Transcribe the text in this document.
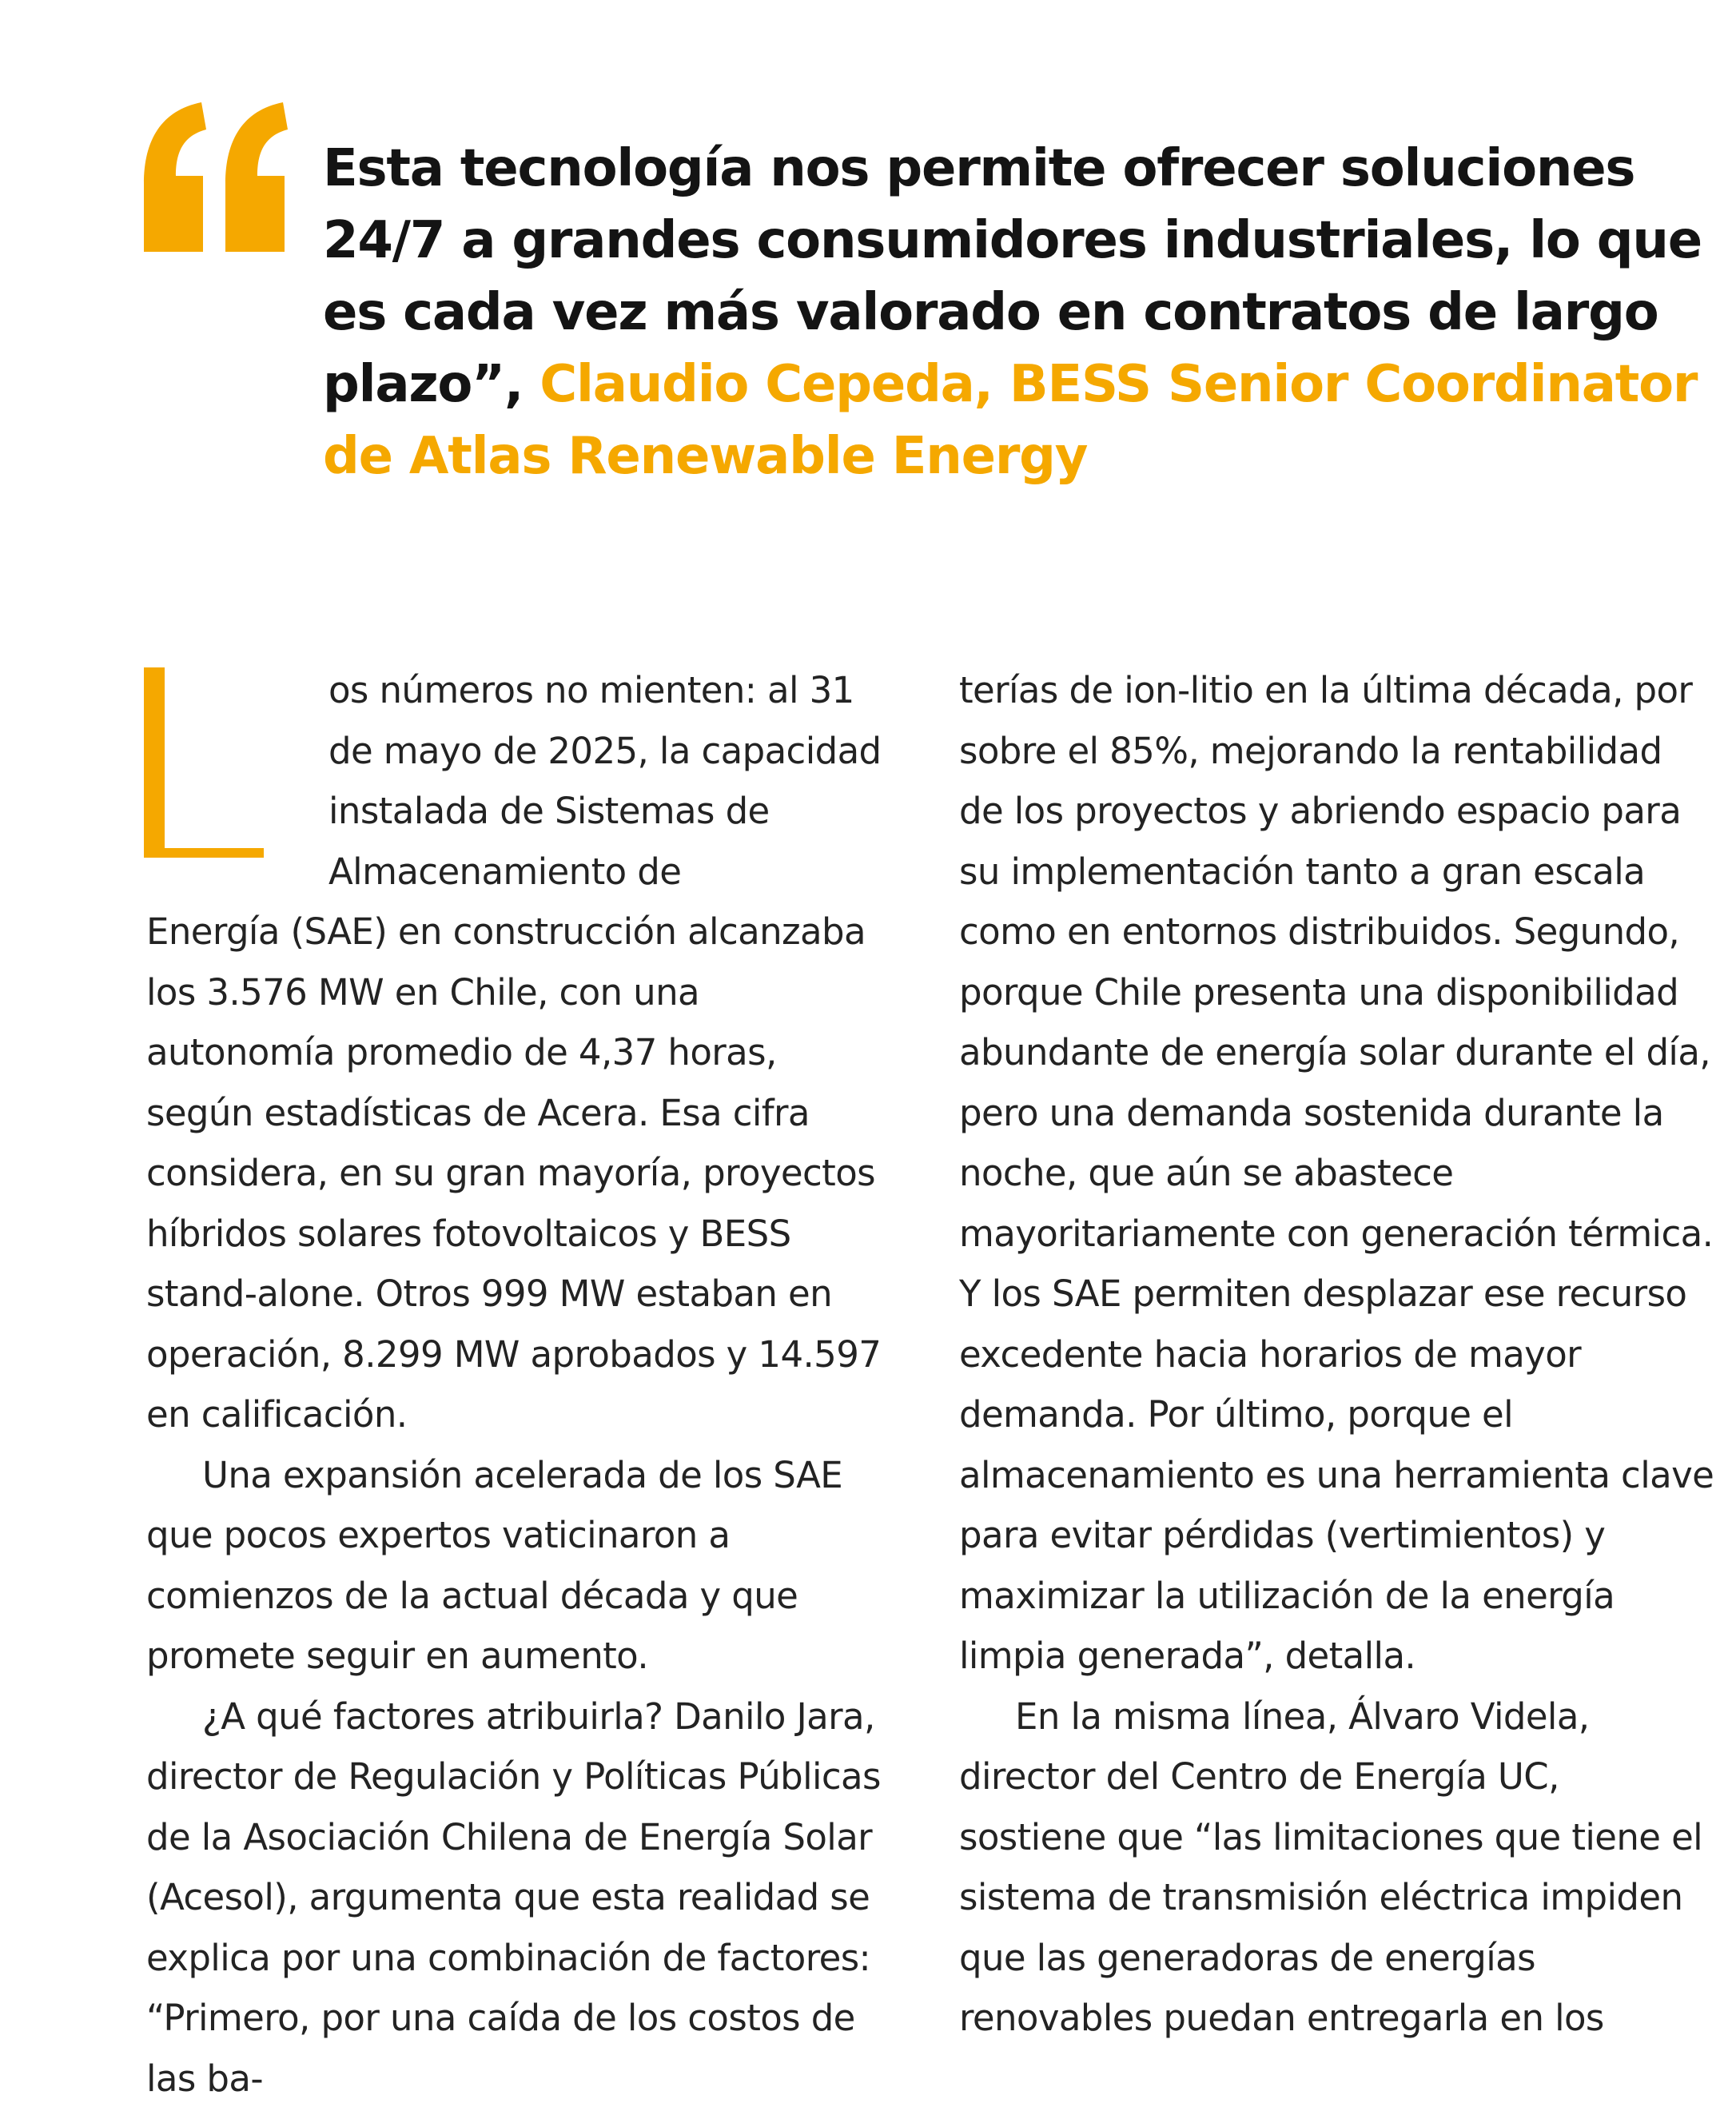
Esta tecnología nos permite ofrecer soluciones 24/7 a grandes consumidores industriales, lo que es cada vez más valorado en contratos de largo plazo”, Claudio Cepeda, BESS Senior Coordinator de Atlas Renewable Energy

os números no mienten: al 31 de mayo de 2025, la capacidad instalada de Sistemas de Almacenamiento de

Energía (SAE) en construcción alcanzaba los 3.576 MW en Chile, con una autonomía promedio de 4,37 horas, según estadísticas de Acera. Esa cifra considera, en su gran mayoría, proyectos híbridos solares fotovoltaicos y BESS stand-alone. Otros 999 MW estaban en operación, 8.299 MW aprobados y 14.597 en calificación.

Una expansión acelerada de los SAE que pocos expertos vaticinaron a comienzos de la actual década y que promete seguir en aumento.

¿A qué factores atribuirla? Danilo Jara, director de Regulación y Políticas Públicas de la Asociación Chilena de Energía Solar (Acesol), argumenta que esta realidad se explica por una combinación de factores: “Primero, por una caída de los costos de las ba-

terías de ion-litio en la última década, por sobre el 85%, mejorando la rentabilidad de los proyectos y abriendo espacio para su implementación tanto a gran escala como en entornos distribuidos. Segundo, porque Chile presenta una disponibilidad abundante de energía solar durante el día, pero una demanda sostenida durante la noche, que aún se abastece mayoritariamente con generación térmica. Y los SAE permiten desplazar ese recurso excedente hacia horarios de mayor demanda. Por último, porque el almacenamiento es una herramienta clave para evitar pérdidas (vertimientos) y maximizar la utilización de la energía limpia generada”, detalla.

En la misma línea, Álvaro Videla, director del Centro de Energía UC, sostiene que “las limitaciones que tiene el sistema de transmisión eléctrica impiden que las generadoras de energías renovables puedan entregarla en los
